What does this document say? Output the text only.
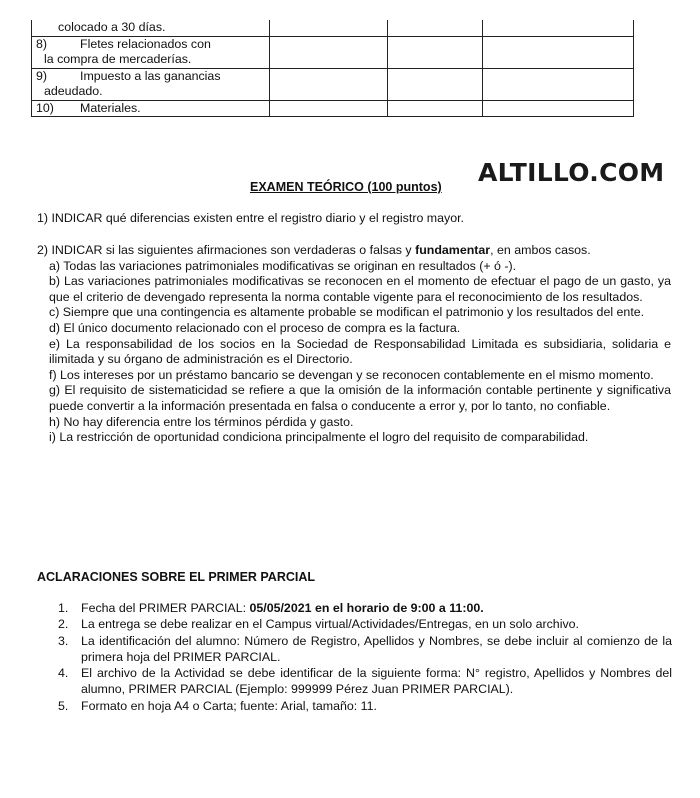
colocado a 30 días.			
8) Fletes relacionados con
la compra de mercaderías.			
9) Impuesto a las ganancias
adeudado.			
10) Materiales.			
ALTILLO.COM
EXAMEN TEÓRICO (100 puntos)
1) INDICAR qué diferencias existen entre el registro diario y el registro mayor.
2) INDICAR si las siguientes afirmaciones son verdaderas o falsas y fundamentar, en ambos casos.
a) Todas las variaciones patrimoniales modificativas se originan en resultados (+ ó -).
b) Las variaciones patrimoniales modificativas se reconocen en el momento de efectuar el pago de un gasto, ya que el criterio de devengado representa la norma contable vigente para el reconocimiento de los resultados.
c) Siempre que una contingencia es altamente probable se modifican el patrimonio y los resultados del ente.
d) El único documento relacionado con el proceso de compra es la factura.
e) La responsabilidad de los socios en la Sociedad de Responsabilidad Limitada es subsidiaria, solidaria e ilimitada y su órgano de administración es el Directorio.
f) Los intereses por un préstamo bancario se devengan y se reconocen contablemente en el mismo momento.
g) El requisito de sistematicidad se refiere a que la omisión de la información contable pertinente y significativa puede convertir a la información presentada en falsa o conducente a error y, por lo tanto, no confiable.
h) No hay diferencia entre los términos pérdida y gasto.
i) La restricción de oportunidad condiciona principalmente el logro del requisito de comparabilidad.
ACLARACIONES SOBRE EL PRIMER PARCIAL
1.	Fecha del PRIMER PARCIAL: 05/05/2021 en el horario de 9:00 a 11:00.
2.	La entrega se debe realizar en el Campus virtual/Actividades/Entregas, en un solo archivo.
3.	La identificación del alumno: Número de Registro, Apellidos y Nombres, se debe incluir al comienzo de la primera hoja del PRIMER PARCIAL.
4.	El archivo de la Actividad se debe identificar de la siguiente forma: N° registro, Apellidos y Nombres del alumno, PRIMER PARCIAL (Ejemplo: 999999 Pérez Juan PRIMER PARCIAL).
5.	Formato en hoja A4 o Carta; fuente: Arial, tamaño: 11.
